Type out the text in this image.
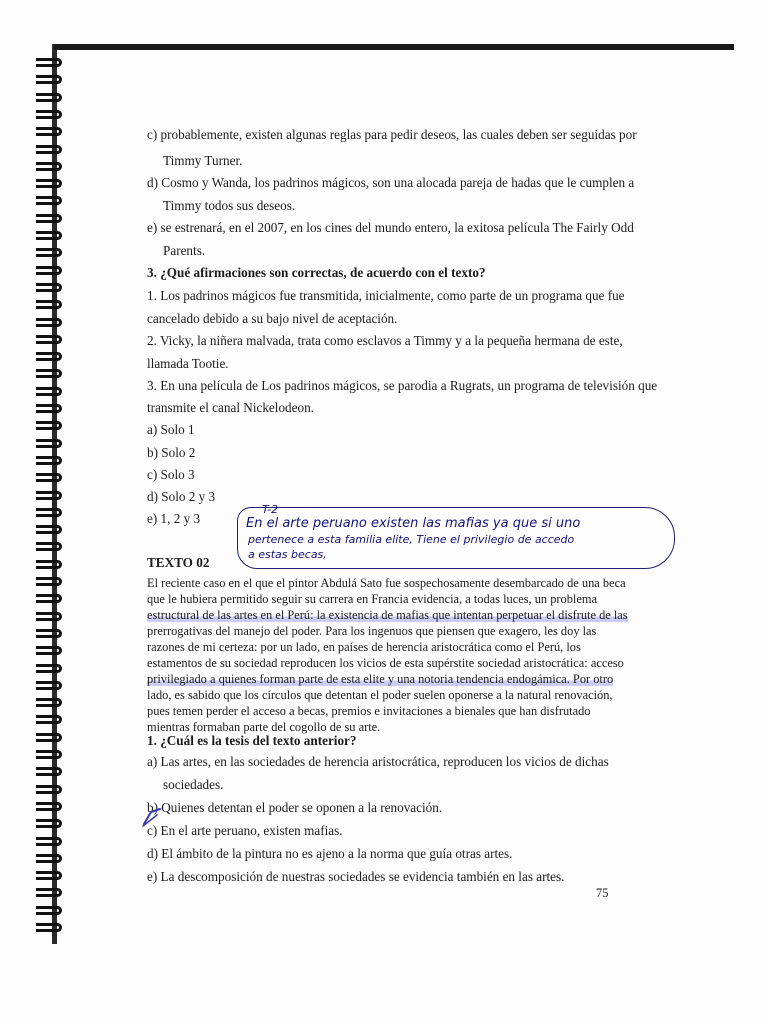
c) probablemente, existen algunas reglas para pedir deseos, las cuales deben ser seguidas por

Timmy Turner.

d) Cosmo y Wanda, los padrinos mágicos, son una alocada pareja de hadas que le cumplen a

Timmy todos sus deseos.

e) se estrenará, en el 2007, en los cines del mundo entero, la exitosa película The Fairly Odd

Parents.

3. ¿Qué afirmaciones son correctas, de acuerdo con el texto?

1. Los padrinos mágicos fue transmitida, inicialmente, como parte de un programa que fue

cancelado debido a su bajo nivel de aceptación.

2. Vicky, la niñera malvada, trata como esclavos a Timmy y a la pequeña hermana de este,

llamada Tootie.

3. En una película de Los padrinos mágicos, se parodia a Rugrats, un programa de televisión que

transmite el canal Nickelodeon.

a) Solo 1

b) Solo 2

c) Solo 3

d) Solo 2 y 3

e) 1, 2 y 3

TEXTO 02

El reciente caso en el que el pintor Abdulá Sato fue sospechosamente desembarcado de una beca

que le hubiera permitido seguir su carrera en Francia evidencia, a todas luces, un problema

estructural de las artes en el Perú: la existencia de mafias que intentan perpetuar el disfrute de las

prerrogativas del manejo del poder. Para los ingenuos que piensen que exagero, les doy las

razones de mi certeza: por un lado, en países de herencia aristocrática como el Perú, los

estamentos de su sociedad reproducen los vicios de esta supérstite sociedad aristocrática: acceso

privilegiado a quienes forman parte de esta elite y una notoria tendencia endogámica. Por otro

lado, es sabido que los círculos que detentan el poder suelen oponerse a la natural renovación,

pues temen perder el acceso a becas, premios e invitaciones a bienales que han disfrutado

mientras formaban parte del cogollo de su arte.

1. ¿Cuál es la tesis del texto anterior?

a) Las artes, en las sociedades de herencia aristocrática, reproducen los vicios de dichas

sociedades.

b) Quienes detentan el poder se oponen a la renovación.

c) En el arte peruano, existen mafias.

d) El ámbito de la pintura no es ajeno a la norma que guía otras artes.

e) La descomposición de nuestras sociedades se evidencia también en las artes.

T-2
En el arte peruano existen las mafias ya que si uno
pertenece a esta familia elite, Tiene el privilegio de accedo
a estas becas,
75
